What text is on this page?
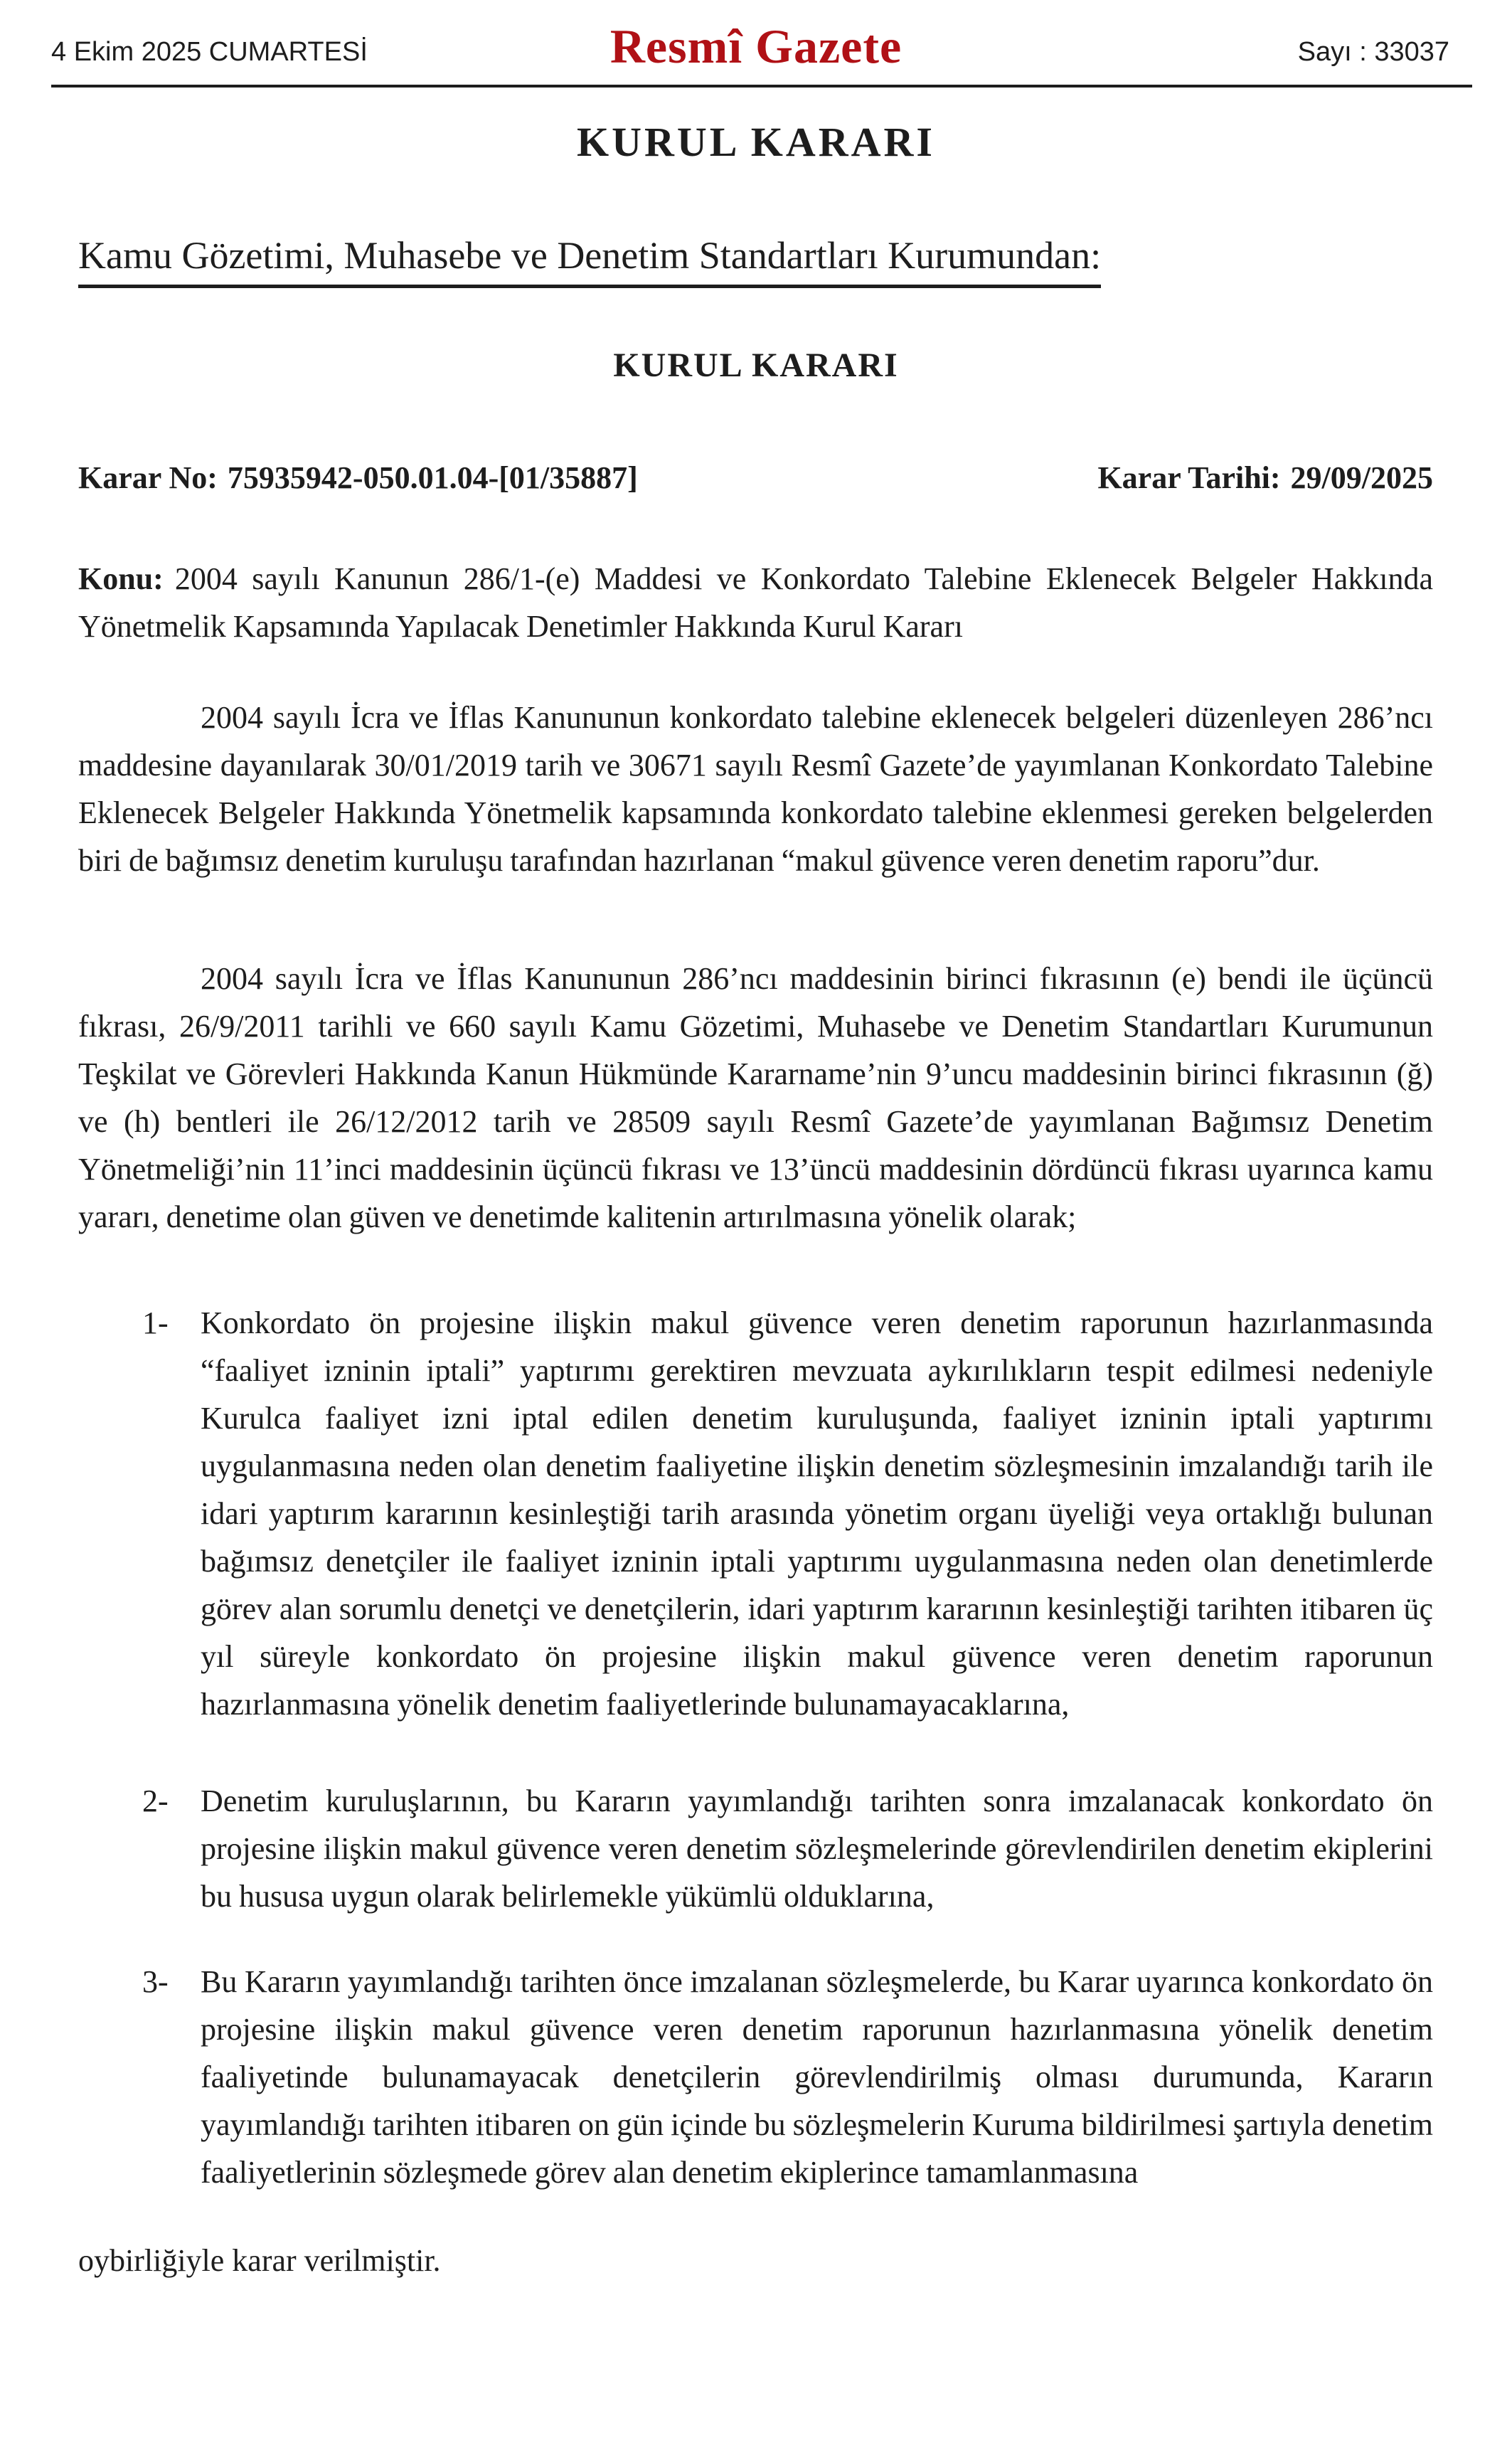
4 Ekim 2025 CUMARTESİ	Resmî Gazete	Sayı : 33037
KURUL KARARI
Kamu Gözetimi, Muhasebe ve Denetim Standartları Kurumundan:
KURUL KARARI
Karar No: 75935942-050.01.04-[01/35887]	Karar Tarihi: 29/09/2025
Konu: 2004 sayılı Kanunun 286/1-(e) Maddesi ve Konkordato Talebine Eklenecek Belgeler Hakkında Yönetmelik Kapsamında Yapılacak Denetimler Hakkında Kurul Kararı
2004 sayılı İcra ve İflas Kanununun konkordato talebine eklenecek belgeleri düzenleyen 286’ncı maddesine dayanılarak 30/01/2019 tarih ve 30671 sayılı Resmî Gazete’de yayımlanan Konkordato Talebine Eklenecek Belgeler Hakkında Yönetmelik kapsamında konkordato talebine eklenmesi gereken belgelerden biri de bağımsız denetim kuruluşu tarafından hazırlanan “makul güvence veren denetim raporu”dur.
2004 sayılı İcra ve İflas Kanununun 286’ncı maddesinin birinci fıkrasının (e) bendi ile üçüncü fıkrası, 26/9/2011 tarihli ve 660 sayılı Kamu Gözetimi, Muhasebe ve Denetim Standartları Kurumunun Teşkilat ve Görevleri Hakkında Kanun Hükmünde Kararname’nin 9’uncu maddesinin birinci fıkrasının (ğ) ve (h) bentleri ile 26/12/2012 tarih ve 28509 sayılı Resmî Gazete’de yayımlanan Bağımsız Denetim Yönetmeliği’nin 11’inci maddesinin üçüncü fıkrası ve 13’üncü maddesinin dördüncü fıkrası uyarınca kamu yararı, denetime olan güven ve denetimde kalitenin artırılmasına yönelik olarak;
1- Konkordato ön projesine ilişkin makul güvence veren denetim raporunun hazırlanmasında “faaliyet izninin iptali” yaptırımı gerektiren mevzuata aykırılıkların tespit edilmesi nedeniyle Kurulca faaliyet izni iptal edilen denetim kuruluşunda, faaliyet izninin iptali yaptırımı uygulanmasına neden olan denetim faaliyetine ilişkin denetim sözleşmesinin imzalandığı tarih ile idari yaptırım kararının kesinleştiği tarih arasında yönetim organı üyeliği veya ortaklığı bulunan bağımsız denetçiler ile faaliyet izninin iptali yaptırımı uygulanmasına neden olan denetimlerde görev alan sorumlu denetçi ve denetçilerin, idari yaptırım kararının kesinleştiği tarihten itibaren üç yıl süreyle konkordato ön projesine ilişkin makul güvence veren denetim raporunun hazırlanmasına yönelik denetim faaliyetlerinde bulunamayacaklarına,
2- Denetim kuruluşlarının, bu Kararın yayımlandığı tarihten sonra imzalanacak konkordato ön projesine ilişkin makul güvence veren denetim sözleşmelerinde görevlendirilen denetim ekiplerini bu hususa uygun olarak belirlemekle yükümlü olduklarına,
3- Bu Kararın yayımlandığı tarihten önce imzalanan sözleşmelerde, bu Karar uyarınca konkordato ön projesine ilişkin makul güvence veren denetim raporunun hazırlanmasına yönelik denetim faaliyetinde bulunamayacak denetçilerin görevlendirilmiş olması durumunda, Kararın yayımlandığı tarihten itibaren on gün içinde bu sözleşmelerin Kuruma bildirilmesi şartıyla denetim faaliyetlerinin sözleşmede görev alan denetim ekiplerince tamamlanmasına
oybirliğiyle karar verilmiştir.
